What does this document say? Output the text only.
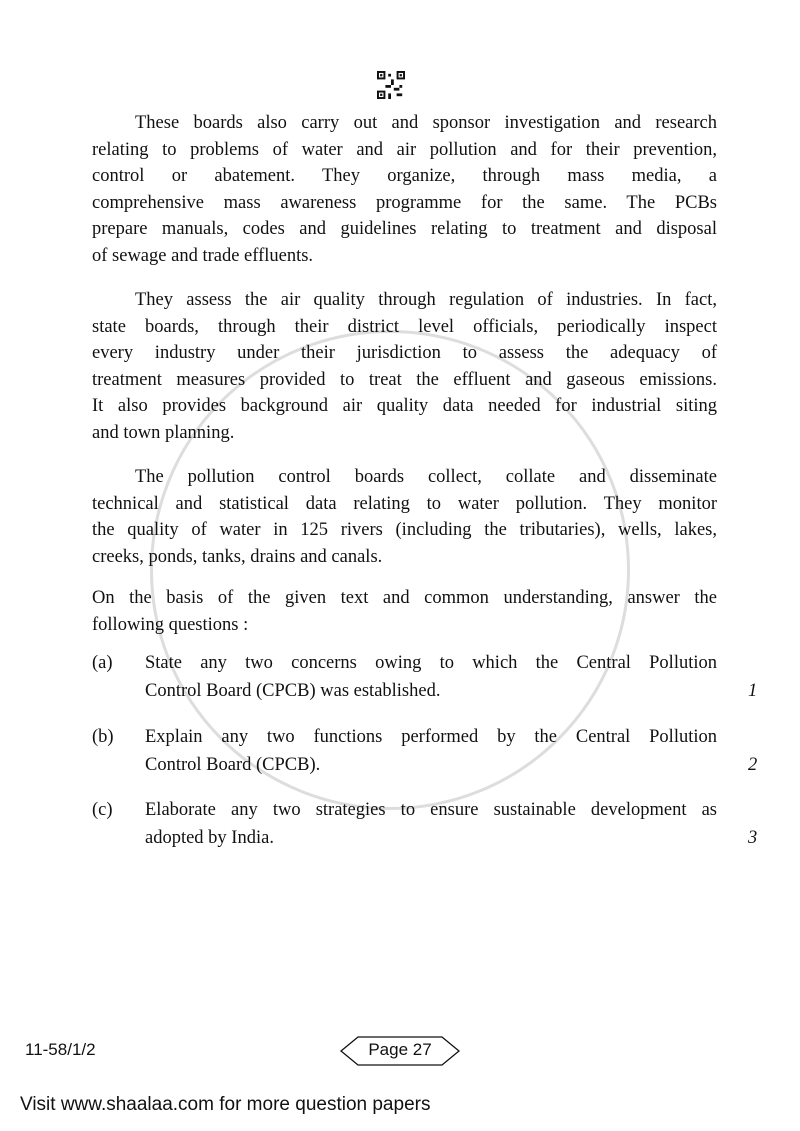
These boards also carry out and sponsor investigation and research
relating to problems of water and air pollution and for their prevention,
control or abatement. They organize, through mass media, a
comprehensive mass awareness programme for the same. The PCBs
prepare manuals, codes and guidelines relating to treatment and disposal
of sewage and trade effluents.
They assess the air quality through regulation of industries. In fact,
state boards, through their district level officials, periodically inspect
every industry under their jurisdiction to assess the adequacy of
treatment measures provided to treat the effluent and gaseous emissions.
It also provides background air quality data needed for industrial siting
and town planning.
The pollution control boards collect, collate and disseminate
technical and statistical data relating to water pollution. They monitor
the quality of water in 125 rivers (including the tributaries), wells, lakes,
creeks, ponds, tanks, drains and canals.
On the basis of the given text and common understanding, answer the
following questions :
(a) State any two concerns owing to which the Central Pollution
Control Board (CPCB) was established.	1
(b) Explain any two functions performed by the Central Pollution
Control Board (CPCB).	2
(c) Elaborate any two strategies to ensure sustainable development as
adopted by India.	3
11-58/1/2	Page 27
Visit www.shaalaa.com for more question papers
